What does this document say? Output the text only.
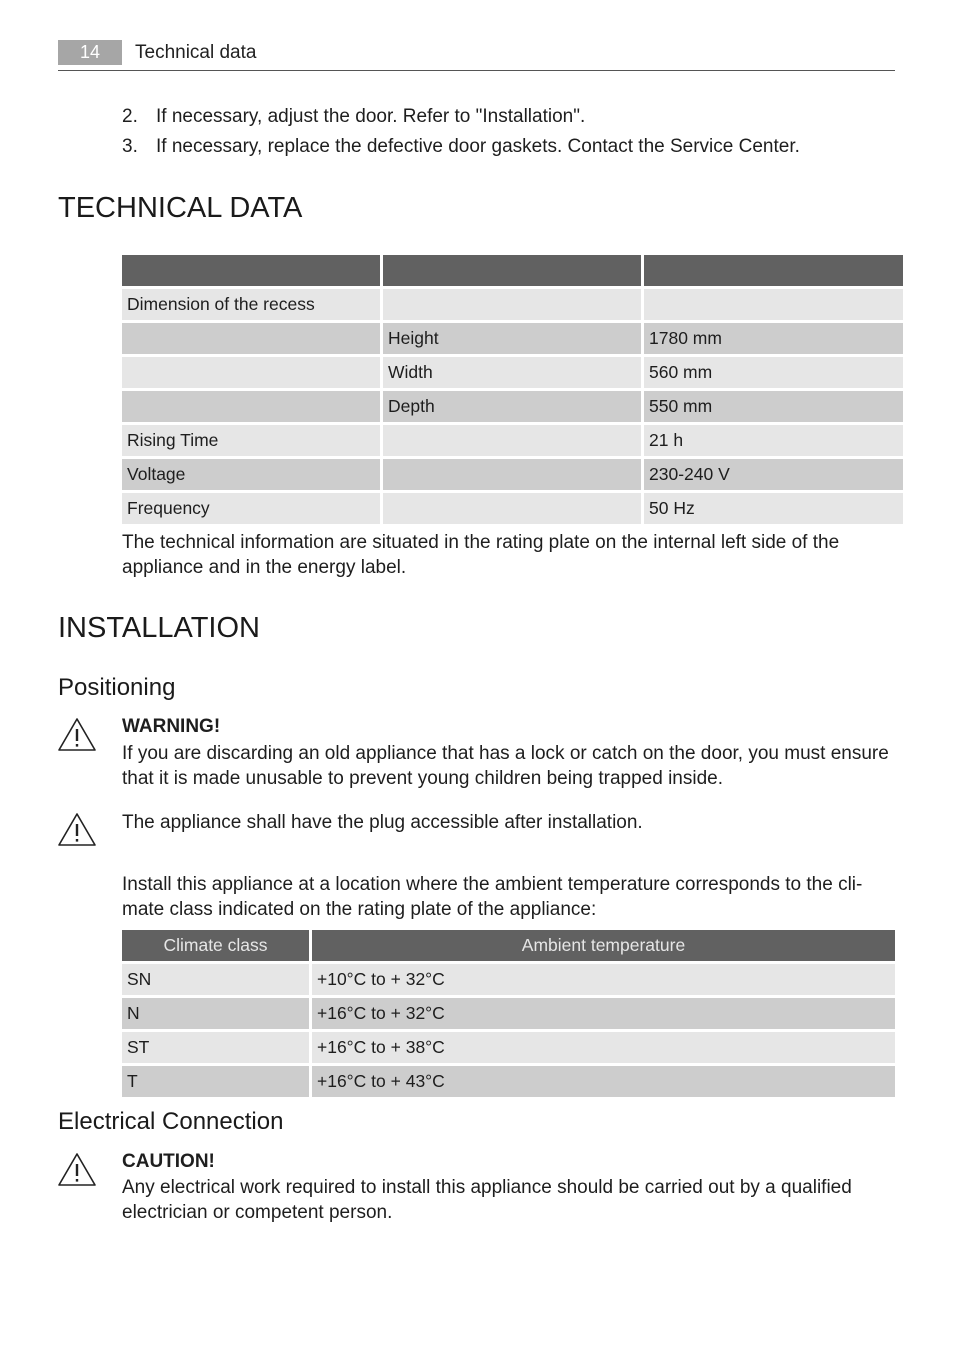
14	Technical data
2. If necessary, adjust the door. Refer to "Installation".
3. If necessary, replace the defective door gaskets. Contact the Service Center.
TECHNICAL DATA

Dimension of the recess		
	Height	1780 mm
	Width	560 mm
	Depth	550 mm
Rising Time		21 h
Voltage		230-240 V
Frequency		50 Hz
The technical information are situated in the rating plate on the internal left side of the appliance and in the energy label.
INSTALLATION
Positioning
WARNING!
If you are discarding an old appliance that has a lock or catch on the door, you must ensure that it is made unusable to prevent young children being trapped inside.
The appliance shall have the plug accessible after installation.
Install this appliance at a location where the ambient temperature corresponds to the cli-
mate class indicated on the rating plate of the appliance:
Climate class	Ambient temperature
SN	+10°C to + 32°C
N	+16°C to + 32°C
ST	+16°C to + 38°C
T	+16°C to + 43°C
Electrical Connection
CAUTION!
Any electrical work required to install this appliance should be carried out by a qualified electrician or competent person.
